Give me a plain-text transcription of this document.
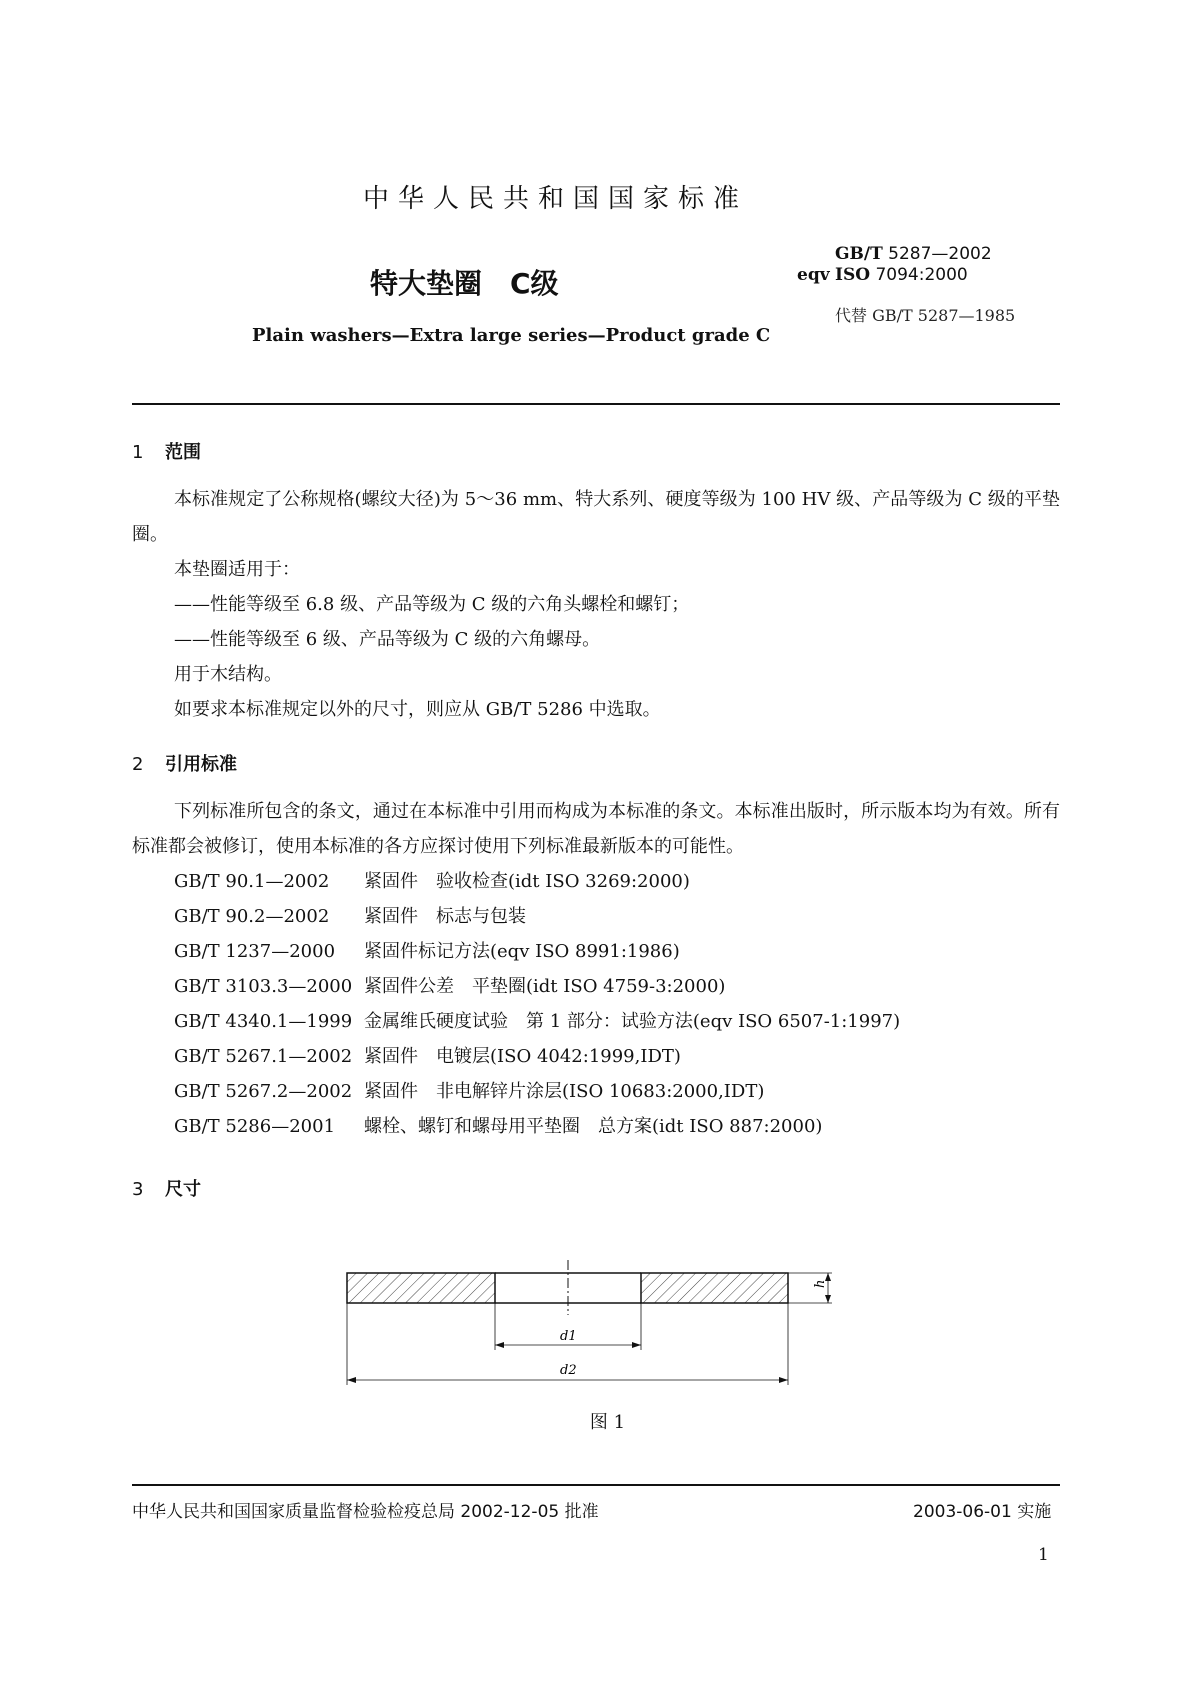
中华人民共和国国家标准
特大垫圈　C级
Plain washers—Extra large series—Product grade C
GB/T 5287—2002
eqv ISO 7094:2000
代替 GB/T 5287—1985
1 范围
本标准规定了公称规格(螺纹大径)为 5～36 mm、特大系列、硬度等级为 100 HV 级、产品等级为 C 级的平垫圈。
本垫圈适用于：
——性能等级至 6.8 级、产品等级为 C 级的六角头螺栓和螺钉；
——性能等级至 6 级、产品等级为 C 级的六角螺母。
用于木结构。
如要求本标准规定以外的尺寸，则应从 GB/T 5286 中选取。
2 引用标准
下列标准所包含的条文，通过在本标准中引用而构成为本标准的条文。本标准出版时，所示版本均为有效。所有标准都会被修订，使用本标准的各方应探讨使用下列标准最新版本的可能性。
GB/T 90.1—2002 紧固件　验收检查(idt ISO 3269:2000)
GB/T 90.2—2002 紧固件　标志与包装
GB/T 1237—2000 紧固件标记方法(eqv ISO 8991:1986)
GB/T 3103.3—2000 紧固件公差　平垫圈(idt ISO 4759-3:2000)
GB/T 4340.1—1999 金属维氏硬度试验　第 1 部分：试验方法(eqv ISO 6507-1:1997)
GB/T 5267.1—2002 紧固件　电镀层(ISO 4042:1999,IDT)
GB/T 5267.2—2002 紧固件　非电解锌片涂层(ISO 10683:2000,IDT)
GB/T 5286—2001 螺栓、螺钉和螺母用平垫圈　总方案(idt ISO 887:2000)
3 尺寸
h
d1
d2
图 1
中华人民共和国国家质量监督检验检疫总局 2002-12-05 批准	2003-06-01 实施
1
